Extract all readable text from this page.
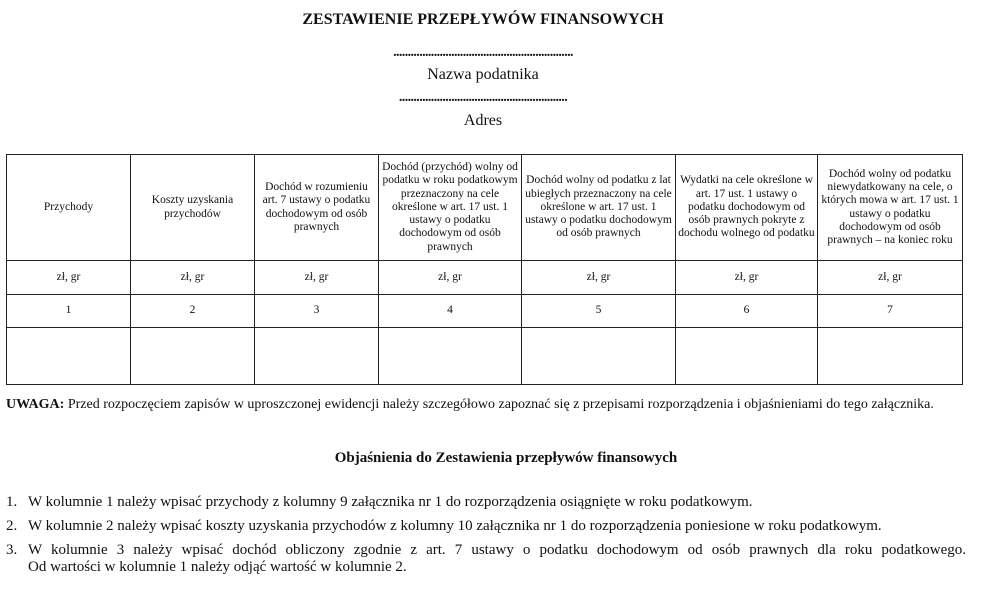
ZESTAWIENIE PRZEPŁYWÓW FINANSOWYCH
..............................................................
Nazwa podatnika
..........................................................
Adres
Przychody	Koszty uzyskania przychodów	Dochód w rozumieniu art. 7 ustawy o podatku dochodowym od osób prawnych	Dochód (przychód) wolny od podatku w roku podatkowym przeznaczony na cele określone w art. 17 ust. 1 ustawy o podatku dochodowym od osób prawnych	Dochód wolny od podatku z lat ubiegłych przeznaczony na cele określone w art. 17 ust. 1 ustawy o podatku dochodowym od osób prawnych	Wydatki na cele określone w art. 17 ust. 1 ustawy o podatku dochodowym od osób prawnych pokryte z dochodu wolnego od podatku	Dochód wolny od podatku niewydatkowany na cele, o których mowa w art. 17 ust. 1 ustawy o podatku dochodowym od osób prawnych – na koniec roku
zł, gr	zł, gr	zł, gr	zł, gr	zł, gr	zł, gr	zł, gr
1	2	3	4	5	6	7

UWAGA: Przed rozpoczęciem zapisów w uproszczonej ewidencji należy szczegółowo zapoznać się z przepisami rozporządzenia i objaśnieniami do tego załącznika.
Objaśnienia do Zestawienia przepływów finansowych
1. W kolumnie 1 należy wpisać przychody z kolumny 9 załącznika nr 1 do rozporządzenia osiągnięte w roku podatkowym.
2. W kolumnie 2 należy wpisać koszty uzyskania przychodów z kolumny 10 załącznika nr 1 do rozporządzenia poniesione w roku podatkowym.
3. W kolumnie 3 należy wpisać dochód obliczony zgodnie z art. 7 ustawy o podatku dochodowym od osób prawnych dla roku podatkowego.
Od wartości w kolumnie 1 należy odjąć wartość w kolumnie 2.
